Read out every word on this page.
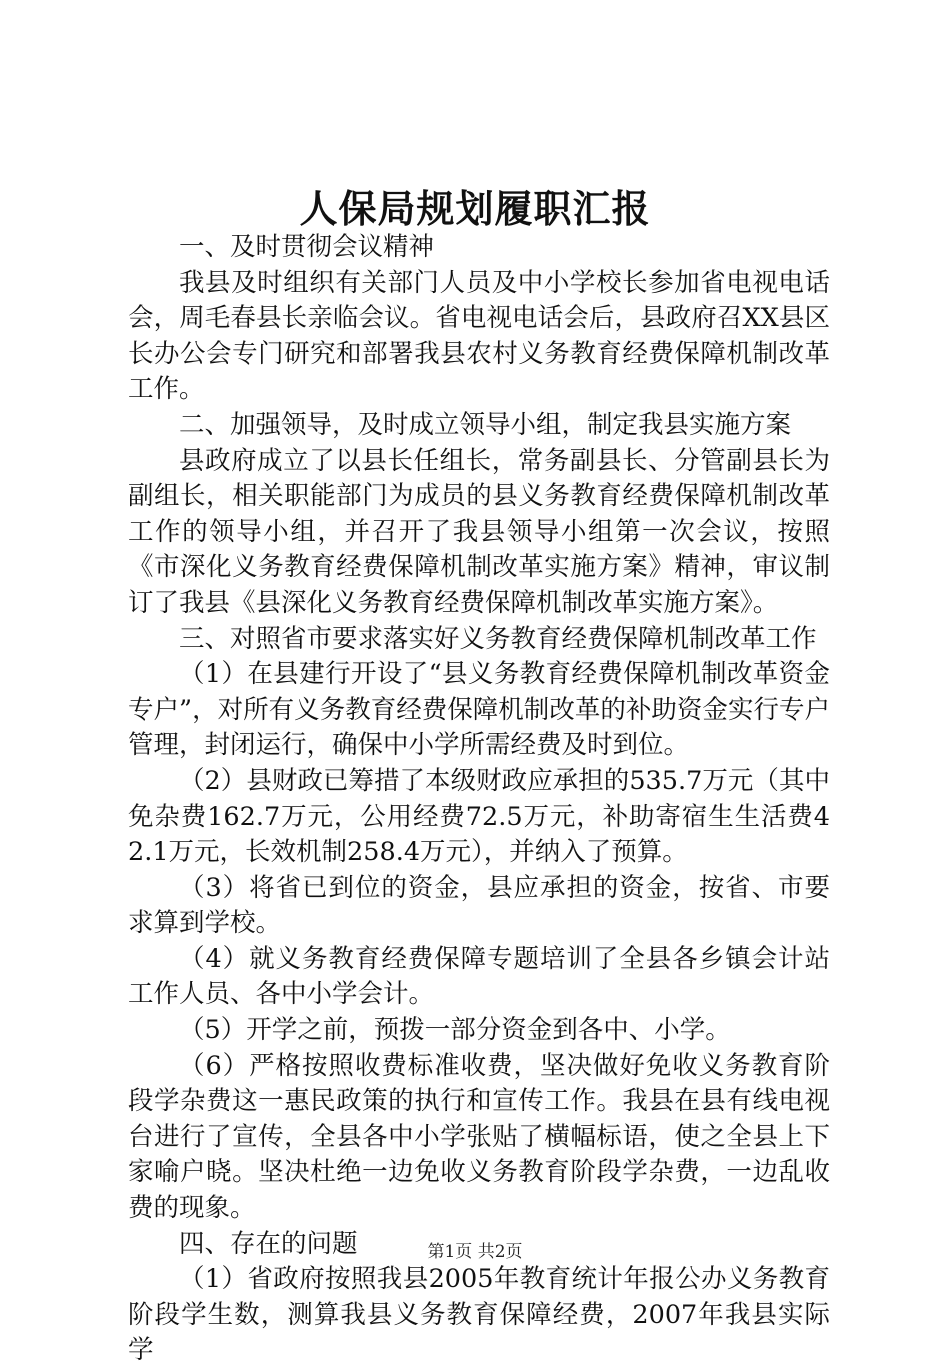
人保局规划履职汇报

一、及时贯彻会议精神

我县及时组织有关部门人员及中小学校长参加省电视电话会，周毛春县长亲临会议。省电视电话会后，县政府召XX县区长办公会专门研究和部署我县农村义务教育经费保障机制改革工作。

二、加强领导，及时成立领导小组，制定我县实施方案

县政府成立了以县长任组长，常务副县长、分管副县长为副组长，相关职能部门为成员的县义务教育经费保障机制改革工作的领导小组，并召开了我县领导小组第一次会议，按照《市深化义务教育经费保障机制改革实施方案》精神，审议制订了我县《县深化义务教育经费保障机制改革实施方案》。

三、对照省市要求落实好义务教育经费保障机制改革工作

（1）在县建行开设了“县义务教育经费保障机制改革资金专户”，对所有义务教育经费保障机制改革的补助资金实行专户管理，封闭运行，确保中小学所需经费及时到位。

（2）县财政已筹措了本级财政应承担的535.7万元（其中免杂费162.7万元，公用经费72.5万元，补助寄宿生生活费42.1万元，长效机制258.4万元），并纳入了预算。

（3）将省已到位的资金，县应承担的资金，按省、市要求算到学校。

（4）就义务教育经费保障专题培训了全县各乡镇会计站工作人员、各中小学会计。

（5）开学之前，预拨一部分资金到各中、小学。

（6）严格按照收费标准收费，坚决做好免收义务教育阶段学杂费这一惠民政策的执行和宣传工作。我县在县有线电视台进行了宣传，全县各中小学张贴了横幅标语，使之全县上下家喻户晓。坚决杜绝一边免收义务教育阶段学杂费，一边乱收费的现象。

四、存在的问题

（1）省政府按照我县2005年教育统计年报公办义务教育阶段学生数，测算我县义务教育保障经费，2007年我县实际学

第1页 共2页
